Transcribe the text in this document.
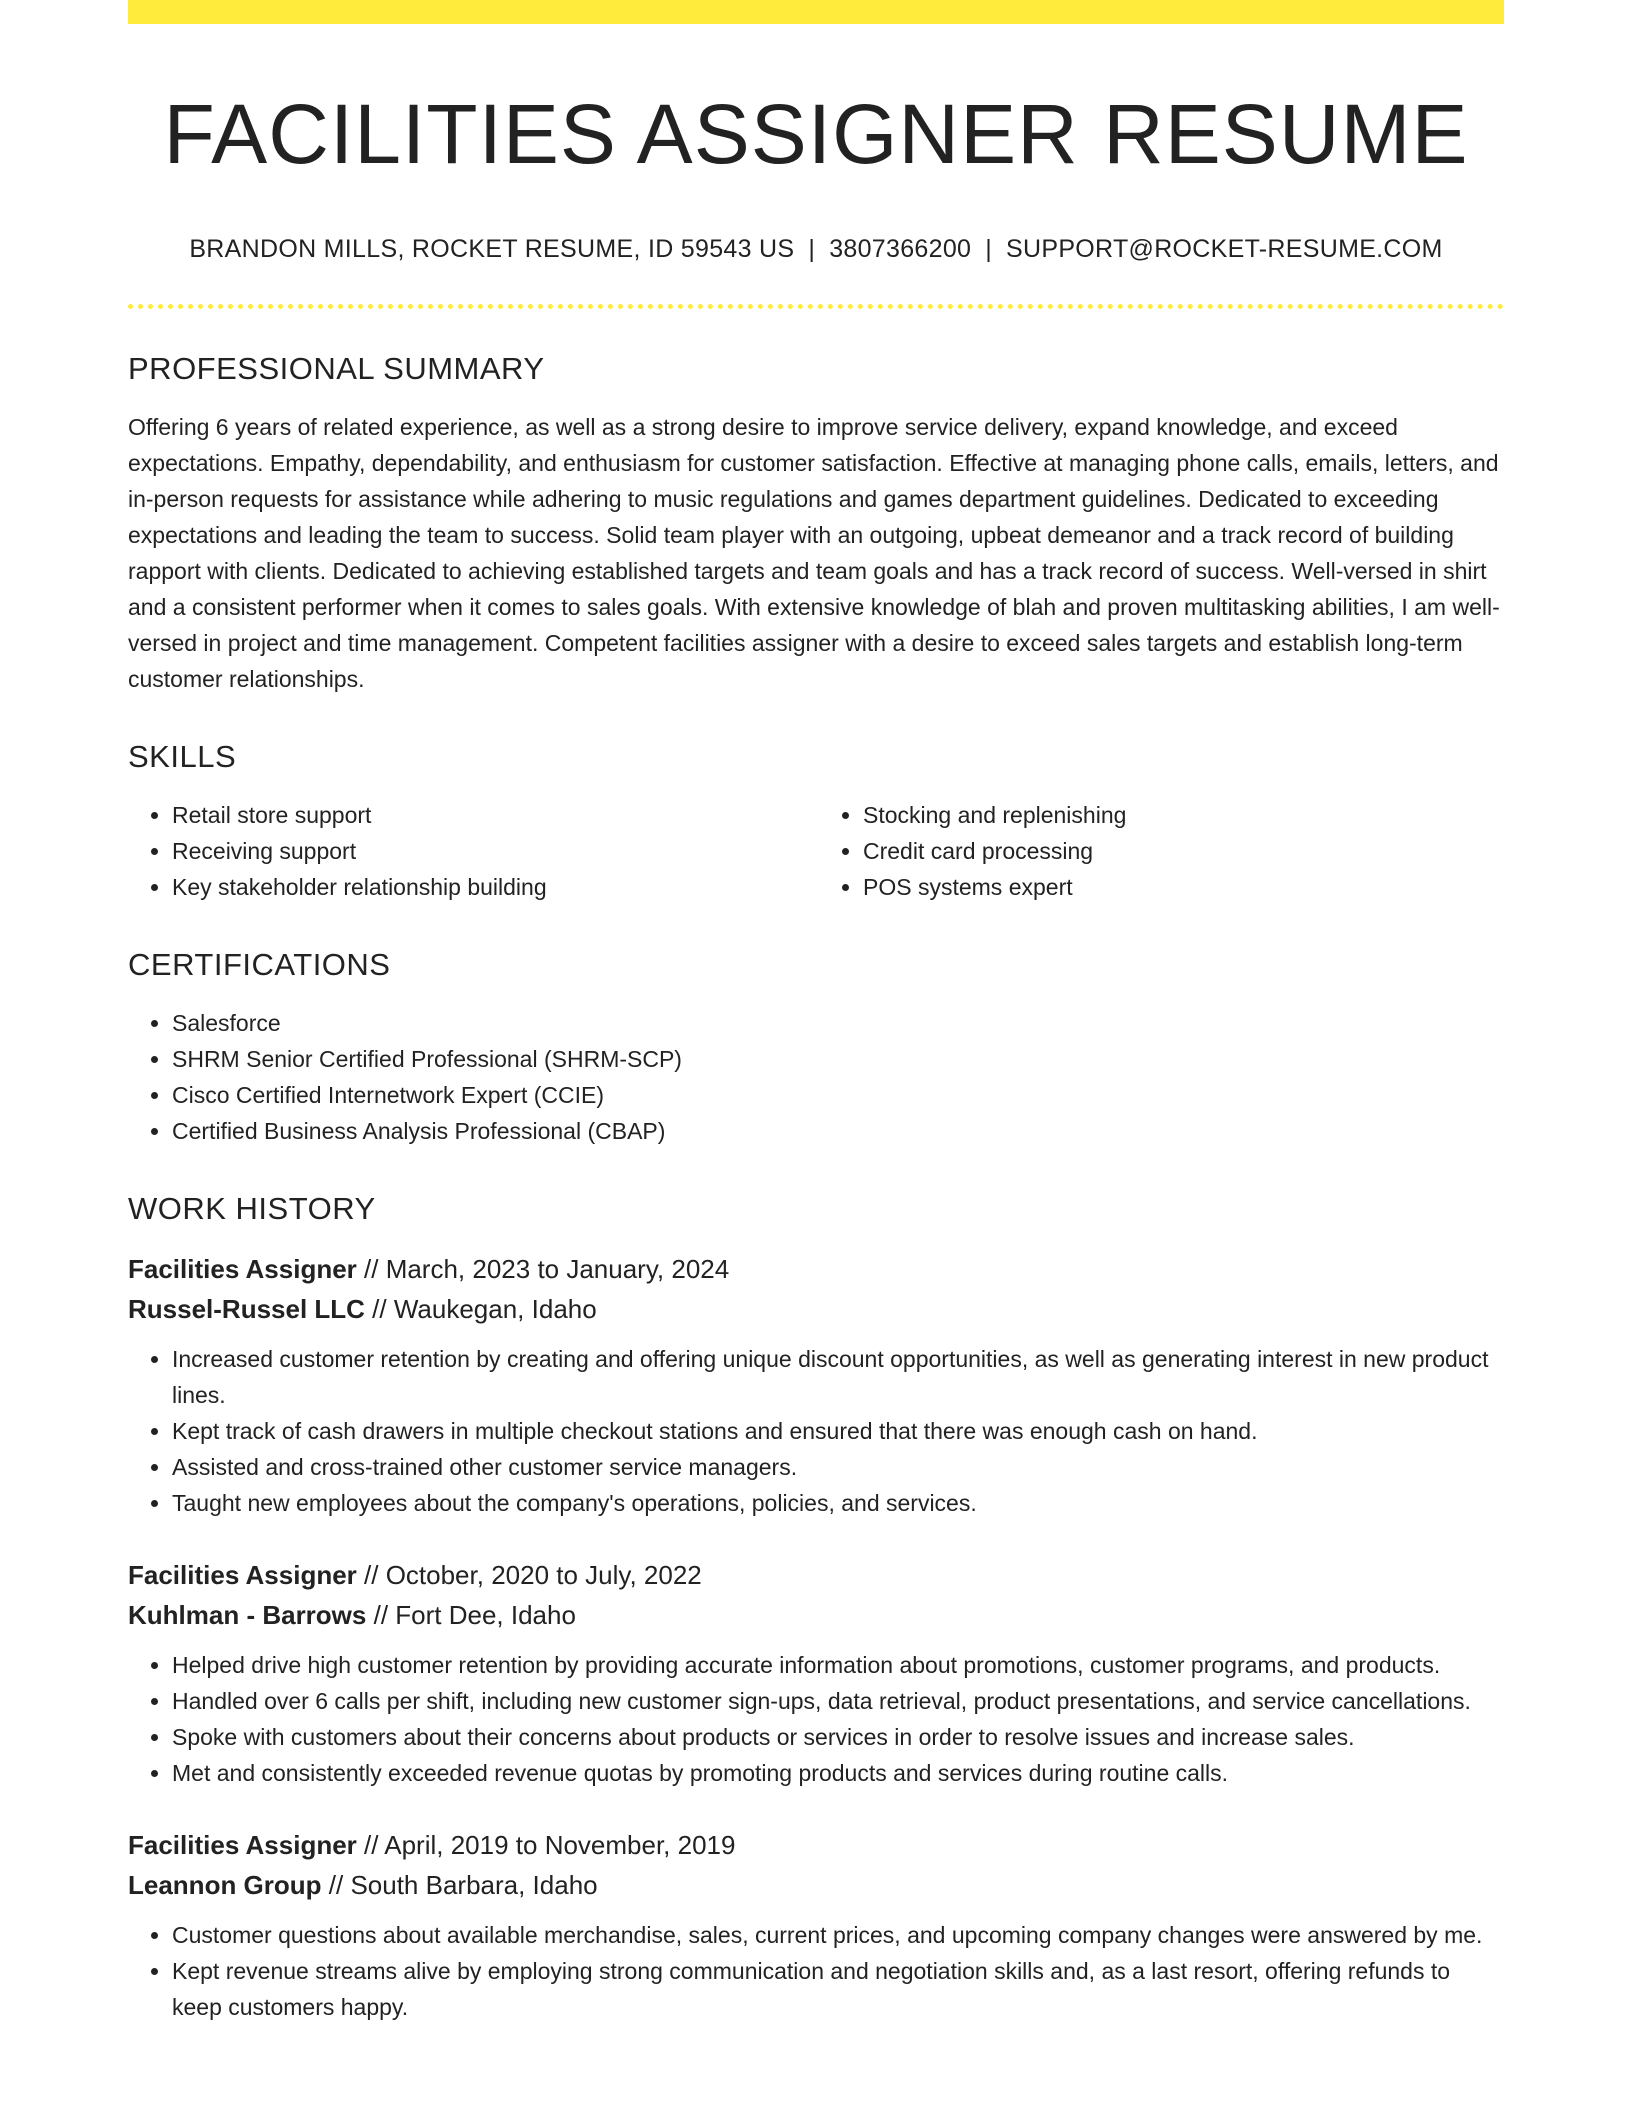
FACILITIES ASSIGNER RESUME
BRANDON MILLS, ROCKET RESUME, ID 59543 US | 3807366200 | SUPPORT@ROCKET-RESUME.COM
PROFESSIONAL SUMMARY

Offering 6 years of related experience, as well as a strong desire to improve service delivery, expand knowledge, and exceed expectations. Empathy, dependability, and enthusiasm for customer satisfaction. Effective at managing phone calls, emails, letters, and in-person requests for assistance while adhering to music regulations and games department guidelines. Dedicated to exceeding expectations and leading the team to success. Solid team player with an outgoing, upbeat demeanor and a track record of building rapport with clients. Dedicated to achieving established targets and team goals and has a track record of success. Well-versed in shirt and a consistent performer when it comes to sales goals. With extensive knowledge of blah and proven multitasking abilities, I am well-versed in project and time management. Competent facilities assigner with a desire to exceed sales targets and establish long-term customer relationships.

SKILLS
• Retail store support
• Receiving support
• Key stakeholder relationship building
• Stocking and replenishing
• Credit card processing
• POS systems expert
CERTIFICATIONS
• Salesforce
• SHRM Senior Certified Professional (SHRM-SCP)
• Cisco Certified Internetwork Expert (CCIE)
• Certified Business Analysis Professional (CBAP)
WORK HISTORY
Facilities Assigner // March, 2023 to January, 2024
Russel-Russel LLC // Waukegan, Idaho
• Increased customer retention by creating and offering unique discount opportunities, as well as generating interest in new product lines.
• Kept track of cash drawers in multiple checkout stations and ensured that there was enough cash on hand.
• Assisted and cross-trained other customer service managers.
• Taught new employees about the company's operations, policies, and services.
Facilities Assigner // October, 2020 to July, 2022
Kuhlman - Barrows // Fort Dee, Idaho
• Helped drive high customer retention by providing accurate information about promotions, customer programs, and products.
• Handled over 6 calls per shift, including new customer sign-ups, data retrieval, product presentations, and service cancellations.
• Spoke with customers about their concerns about products or services in order to resolve issues and increase sales.
• Met and consistently exceeded revenue quotas by promoting products and services during routine calls.
Facilities Assigner // April, 2019 to November, 2019
Leannon Group // South Barbara, Idaho
• Customer questions about available merchandise, sales, current prices, and upcoming company changes were answered by me.
• Kept revenue streams alive by employing strong communication and negotiation skills and, as a last resort, offering refunds to keep customers happy.
